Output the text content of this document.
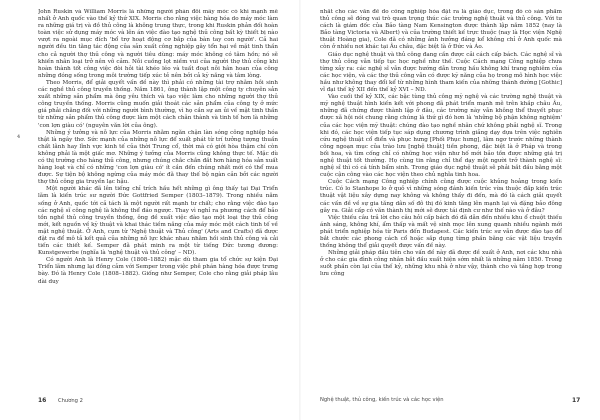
John Ruskin và William Morris là những người phản đối mãy móc có khi mạnh mẽ nhất ở Anh quốc vào thế kỷ thứ XIX. Morris cho rằng việc hàng hóa do máy móc làm ra những giá trị và đồ thủ công là không trung thực, trong khi Ruskin phản đối hoàn toàn việc sử dụng máy móc và lên án việc đào tạo nghệ thủ công bất kỳ thiết bị nào vượt ra ngoài mục đích 'bổ trợ hoạt động cơ bắp của bàn tay con người'. Cả hai người đều tin tằng tác động của sản xuất công nghiệp gây tổn hại về mặt tinh thần cho cả người thợ thủ công và người tiêu dùng: máy móc không có tâm hồn; nó sẽ khiến nhân loại trở nên vô cảm. Nỗi cuồng lọt niềm vui của người thợ thủ công khi hoàn thành tốt công việc đòi hỏi tài khéo léo và tuất đoạt nỗi hân hoan của công những đóng sống trong môi trường tiếp xúc tẻ nên bởi cả kỹ năng và tâm lòng.

Theo Morris, để giải quyết vấn đề này thì phải có những tài trợ nhằm hồi sinh các nghề thủ công truyền thống. Năm 1861, ông thành lập một công ty chuyên sản xuất những sản phẩm mà ông yêu thích và tạo việc làm cho những người thợ thủ công truyền thống. Morris cũng muốn giải thoát các sản phẩm của công ty ở mức giá phải chăng đối với những người bình thường, vì họ cần sự an ủi về mặt tinh thần từ những sản phẩm thủ công được làm một cách chân thành và tinh tế hơn là những 'con lợn giàu có' (nguyên văn lời của ông).

Những ý tưởng và nỗ lực của Morris nhằm ngăn chặn làn sóng công nghiệp hóa thật là ngây thơ. Sức mạnh của những nỗ lực để xuất phát từ trí tưởng tượng thuần chất lãnh hay lĩnh vực kinh tế của thời Trung cổ, thời mà có giới hòa thậm chí còn không phải là một giấc mơ. Những ý tưởng của Morris cũng không thực tế. Mặc dù có thị trường cho hàng thủ công, nhưng chúng chắc chắn đắt hơn hàng hóa sản xuất hàng loạt và chỉ có những 'con lợn giàu có' ít cần đến chúng nhất mới có thể mua được. Sự tiện bộ không ngừng của máy móc đã thay thế bộ ngàn cản bởi các người thợ thủ công gia truyền lạc hậu.

Một người khác đã lên tiếng chỉ trích hầu hết những gì ông thấy tại Đại Triển lãm là kiến trúc sư người Đức Gottfried Semper (1803–1879). Trong nhiều năm sống ở Anh, quốc tới cả tách là một người rất mạnh tư chất; cho rằng việc đào tạo các nghệ sĩ công nghệ là không thể đáo ngược. Thay vì nghỉ ra phương cách để bảo tồn nghề thủ công truyền thống, ông đề xuất việc đào tạo một loại thợ thủ công mới, kết nguồn về kỹ thuật và khai thác tiềm năng của máy móc một cách tinh tế về mặt nghệ thuật. Ở Anh, cụm từ 'Nghệ thuật và Thủ công' (Arts and Crafts) đã được đặt ra để mô tả kết quả của những nỗ lực khác nhau nhằm hồi sinh thủ công và cải tiến các thiết kế. Semper đã phát minh ra một từ tiếng Đức tương đương: Kunstgewerbe (nghĩa là 'nghệ thuật và thủ công' – ND).

Có người Anh là Henry Cole (1808–1882) mặc dù tham gia tổ chức sự kiện Đại Triển lãm nhưng lại đồng cảm với Semper trong việc phê phán hàng hóa được trưng bày. Đó là Henry Cole (1808–1882). Giống như Semper, Cole cho rằng giải pháp lâu dài duy

4
16 Chương 2

nhất cho các vấn đề do công nghiệp hóa đặt ra là giáo dục, trong đó có sản phẩm thủ công sẽ đóng vai trò quan trọng thúc các trường nghệ thuật và thủ công. Với tư cách là giám đốc của Bảo tàng Nam Kensington được thành lập năm 1852 (nay là Bảo tàng Victoria và Albert) và của trường thiết kế trực thuộc (nay là Học viện Nghệ thuật Hoàng gia), Cole đã có những ảnh hưởng đáng kể không chỉ ở Anh quốc mà còn ở nhiều nơi khác tại Âu châu, đặc biệt là ở Đức và Áo.

Giáo dục nghệ thuật và thủ công đang cần được cải cách cấp bách. Các nghệ sĩ và thợ thủ công vẫn tiếp tục học nghề như thế. Cuộc Cách mạng Công nghiệp chưa từng xảy ra: các nghệ sĩ vẫn được hướng dẫn trong hầu không khí trang nghiêm của các học viện, và các thợ thủ công vẫn có được kỹ năng của họ trong mô hình học việc hầu như không thay đổi kể từ những hình tham kiến của những thánh đường [Gothic] vĩ đại thế kỷ XII đến thế kỷ XVI – ND.

Vào cuối thế kỷ XIX, các bậc tùng thủ công mỹ nghệ và các trường nghệ thuật và mỹ nghệ thuật hình kiến kết với phong đã phát triển mạnh mẽ trên khắp châu Âu, những đã chứng được thành lập ở đâu, các trường này vẫn không thể thuyết phục được xã hội nói chung rằng chúng là thứ gì đó hơn là 'những bộ phận không nghiệm' của các học viện mỹ thuật: chúng đào tạo nghề nhân chứ không phải nghệ sĩ. Trong khi đó, các học viện tiếp tục sáp dụng chương trình giảng dạy dựa trên việc nghiên cứu nghệ thuật cổ điển và phục hưng [Phối Phục hưng], lâm ngơ trước những thành công ngoạn mục của trào lưu [nghệ thuật] tiền phong, đặc biệt là ở Pháp và trong bối hoa, và tìm cống chỉ có những học viện như hố mới bảo tồn được những giá trị nghệ thuật tốt thường. Họ cùng tin rằng chỉ thể dạy một người trở thành nghệ sĩ: nghệ sĩ thì có cá tính bẩm sinh. Trong giáo dục nghệ thuật sẽ phải bắt đầu bằng một cuộc cận công vào các học viện theo chủ nghĩa tinh hoa.

Cuộc Cách mạng Công nghiệp chính cũng được cuộc khủng hoảng trong kiến trúc. Có lo Stanhope lo ở quỏ vì những sóng đánh kiến trúc vừa thuộc đắp kiến trúc thuật vật liệu xây dựng nay không và không thấy đi đến, mà đó là cách giải quyết các vấn đề về sự gia tăng dân số đô thị đó kinh tăng lên mạnh lại và đặng bảo đông gây ra. Giải cấp có văn thành thị mới sẽ được tái định cư như thế nào và ở đâu?

Việc thiếu câu trả lời cho câu hỏi cấp bách đó đã dẫn đến nhiều khu ổ chuột thiếu ánh sáng, không khí, ẩm thấp và mất vệ sinh mọc lên xung quanh nhiều ngành mới phát triển nghiệp hóa từ Paris đến Budapest. Các kiến trúc sư vẫn được đào tạo để bắt chước các phong cách cổ hoặc sắp dụng từng phần băng các vật liệu truyền thống không thể giải quyết được vấn đề này.

Những giải pháp đầu tiên cho vấn đề này đã được đề xuất ở Anh, nơi các khu nhà ở cho các gia đình công nhân bắt đầu xuất hiện sớm nhất là những năm 1850. Trong suốt phần còn lại của thế kỷ, những khu nhà ở như vậy, thành cho và tầng hợp trong lưu công

Nghệ thuật, thủ công, kiến trúc và các học viện	17
